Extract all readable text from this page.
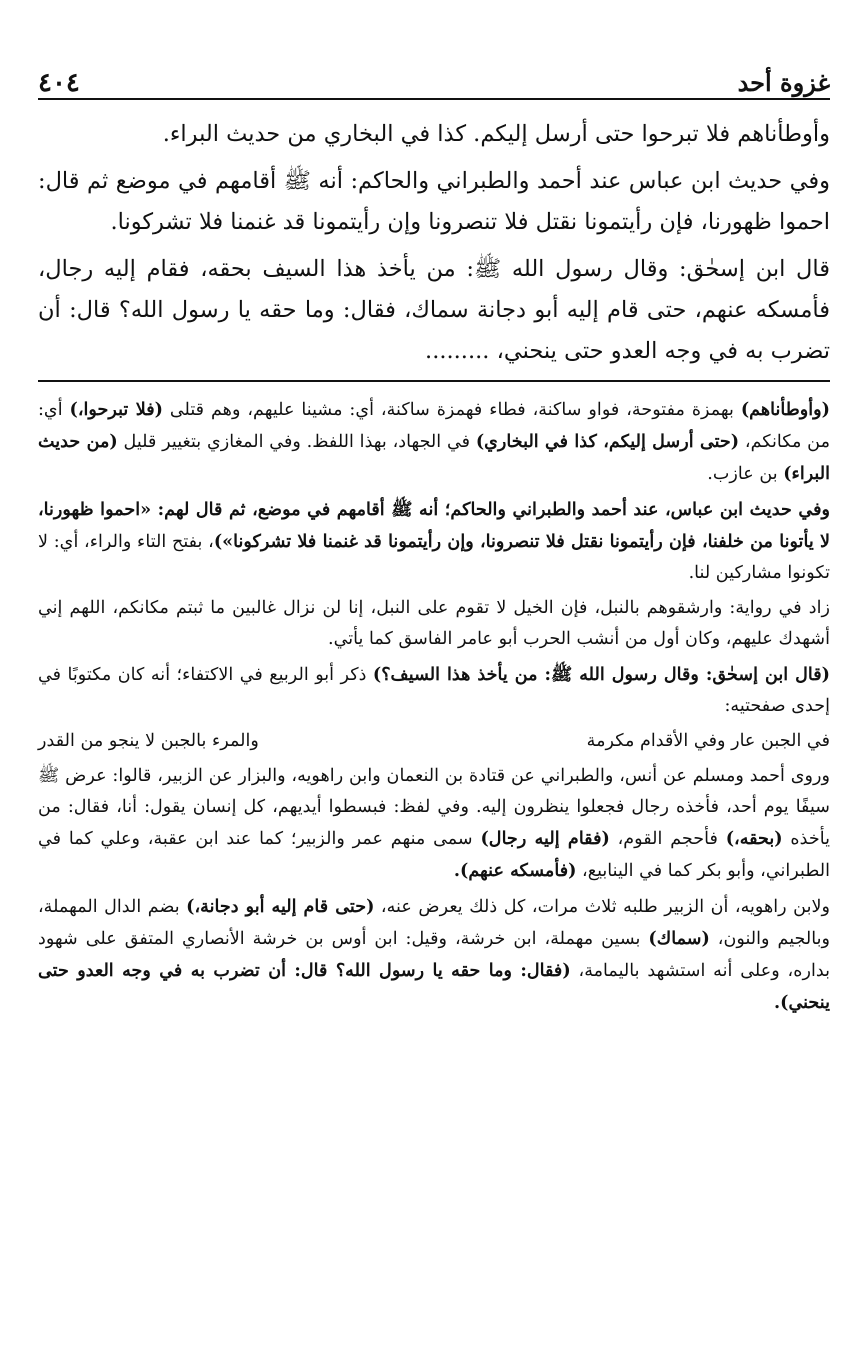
غزوة أحد
٤٠٤

وأوطأناهم فلا تبرحوا حتى أرسل إليكم. كذا في البخاري من حديث البراء.

وفي حديث ابن عباس عند أحمد والطبراني والحاكم: أنه ﷺ أقامهم في موضع ثم قال: احموا ظهورنا، فإن رأيتمونا نقتل فلا تنصرونا وإن رأيتمونا قد غنمنا فلا تشركونا.

قال ابن إسحٰق: وقال رسول الله ﷺ: من يأخذ هذا السيف بحقه، فقام إليه رجال، فأمسكه عنهم، حتى قام إليه أبو دجانة سماك، فقال: وما حقه يا رسول الله؟ قال: أن تضرب به في وجه العدو حتى ينحني، .........

(وأوطأناهم) بهمزة مفتوحة، فواو ساكنة، فطاء فهمزة ساكنة، أي: مشينا عليهم، وهم قتلى (فلا تبرحوا،) أي: من مكانكم، (حتى أرسل إليكم، كذا في البخاري) في الجهاد، بهذا اللفظ. وفي المغازي بتغيير قليل (من حديث البراء) بن عازب.

وفي حديث ابن عباس، عند أحمد والطبراني والحاكم؛ أنه ﷺ أقامهم في موضع، ثم قال لهم: «احموا ظهورنا، لا يأتونا من خلفنا، فإن رأيتمونا نقتل فلا تنصرونا، وإن رأيتمونا قد غنمنا فلا تشركونا»)، بفتح التاء والراء، أي: لا تكونوا مشاركين لنا.

زاد في رواية: وارشقوهم بالنبل، فإن الخيل لا تقوم على النبل، إنا لن نزال غالبين ما ثبتم مكانكم، اللهم إني أشهدك عليهم، وكان أول من أنشب الحرب أبو عامر الفاسق كما يأتي.

(قال ابن إسحٰق: وقال رسول الله ﷺ: من يأخذ هذا السيف؟) ذكر أبو الربيع في الاكتفاء؛ أنه كان مكتوبًا في إحدى صفحتيه:

في الجبن عار وفي الأقدام مكرمة
والمرء بالجبن لا ينجو من القدر

وروى أحمد ومسلم عن أنس، والطبراني عن قتادة بن النعمان وابن راهويه، والبزار عن الزبير، قالوا: عرض ﷺ سيفًا يوم أحد، فأخذه رجال فجعلوا ينظرون إليه. وفي لفظ: فبسطوا أيديهم، كل إنسان يقول: أنا، فقال: من يأخذه (بحقه،) فأحجم القوم، (فقام إليه رجال) سمى منهم عمر والزبير؛ كما عند ابن عقبة، وعلي كما في الطبراني، وأبو بكر كما في الينابيع، (فأمسكه عنهم).

ولابن راهويه، أن الزبير طلبه ثلاث مرات، كل ذلك يعرض عنه، (حتى قام إليه أبو دجانة،) بضم الدال المهملة، وبالجيم والنون، (سماك) بسين مهملة، ابن خرشة، وقيل: ابن أوس بن خرشة الأنصاري المتفق على شهود بداره، وعلى أنه استشهد باليمامة، (فقال: وما حقه يا رسول الله؟ قال: أن تضرب به في وجه العدو حتى ينحني).
